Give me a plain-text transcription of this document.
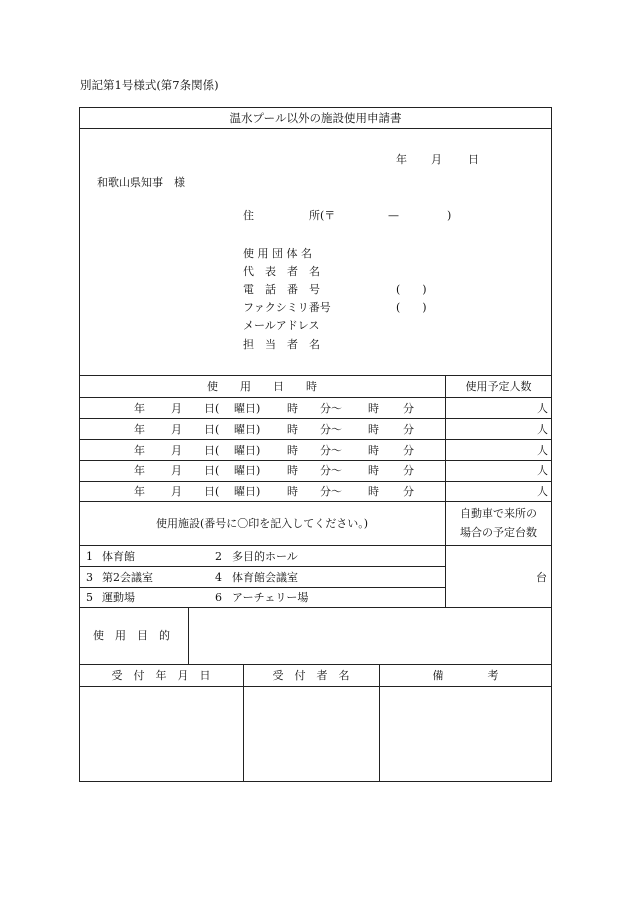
別記第1号様式(第7条関係)
温水プール以外の施設使用申請書
年 月 日
和歌山県知事　様
住　　　　　所(〒	—	)
使 用 団 体 名
代　表　者　名
電　話　番　号	(　　)
ファクシミリ番号	(　　)
メールアドレス
担　当　者　名
使　　用　　日　　時	使用予定人数
年 月 日( 曜日) 時 分～ 時 分	人
年 月 日( 曜日) 時 分～ 時 分	人
年 月 日( 曜日) 時 分～ 時 分	人
年 月 日( 曜日) 時 分～ 時 分	人
年 月 日( 曜日) 時 分～ 時 分	人
使用施設(番号に〇印を記入してください。)
自動車で来所の
場合の予定台数
1 体育館	2 多目的ホール
3 第2会議室	4 体育館会議室
5 運動場	6 アーチェリー場
台
使　用　目　的
受　付　年　月　日	受　付　者　名	備　　　　考
